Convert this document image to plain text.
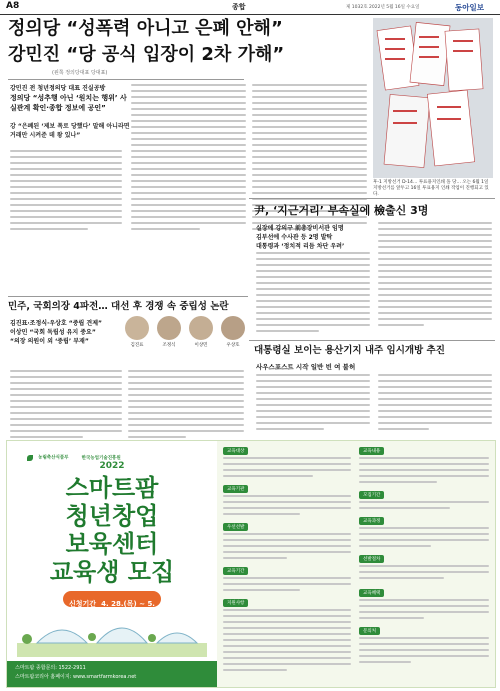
A8	종합	제 1032호 2022년 5월 16일 수요일	동아일보
정의당 “성폭력 아니고 은폐 안해”
강민진 “당 공식 입장이 2차 가해”
(왼쪽 정의당대표 당대표)
강민진 전 청년정의당 대표 진실공방
정의당 “성추행 아닌 ‘원치는 행위’ 사실관계 확인·종합 정보에 공인”
강 “은폐된 ‘제보 폭로 당했다’ 말해 아니라면 거래만 시켜준 데 왕 있나”
후-1 지방선거 D-14… 투표용지인쇄 돌 당… 오는 6월 1일 지방선거를 앞두고 16일 투표용지 인쇄 작업이 진행되고 있다.
尹, ‘지근거리’ 부속실에 檢출신 3명
실장에 강의구 前총장비서관 임명
김부선에 수사관 등 2명 발탁
대통령과 ‘정치적 리듬 차단 우려’
민주, 국회의장 4파전… 대선 후 경쟁 속 중립성 논란
김진표·조정식·우상호 “중립 견제”
이상민 “국회 독립성 유지 중요”
“의장 의원이 외 ‘중립’ 부재”
김진표	조정식	이상민	우상호	대통령실 보이는 용산기지 내주 임시개방 추진
사우스포스트 시작 일반 빈 여 불허
농림축산식품부	한국농업기술진흥원
2022
스마트팜
청년창업
보육센터
교육생 모집
신청기간 4. 28.(목) ~ 5. 31.(화)
스마트팜 종합문의: 1522-2911
스마트팜코리아 홈페이지: www.smartfarmkorea.net
교육대상
교육기관
우선선발
교육기간
지원사항
교육내용
모집기간
교육과정
선발절차
교육혜택
문의처
